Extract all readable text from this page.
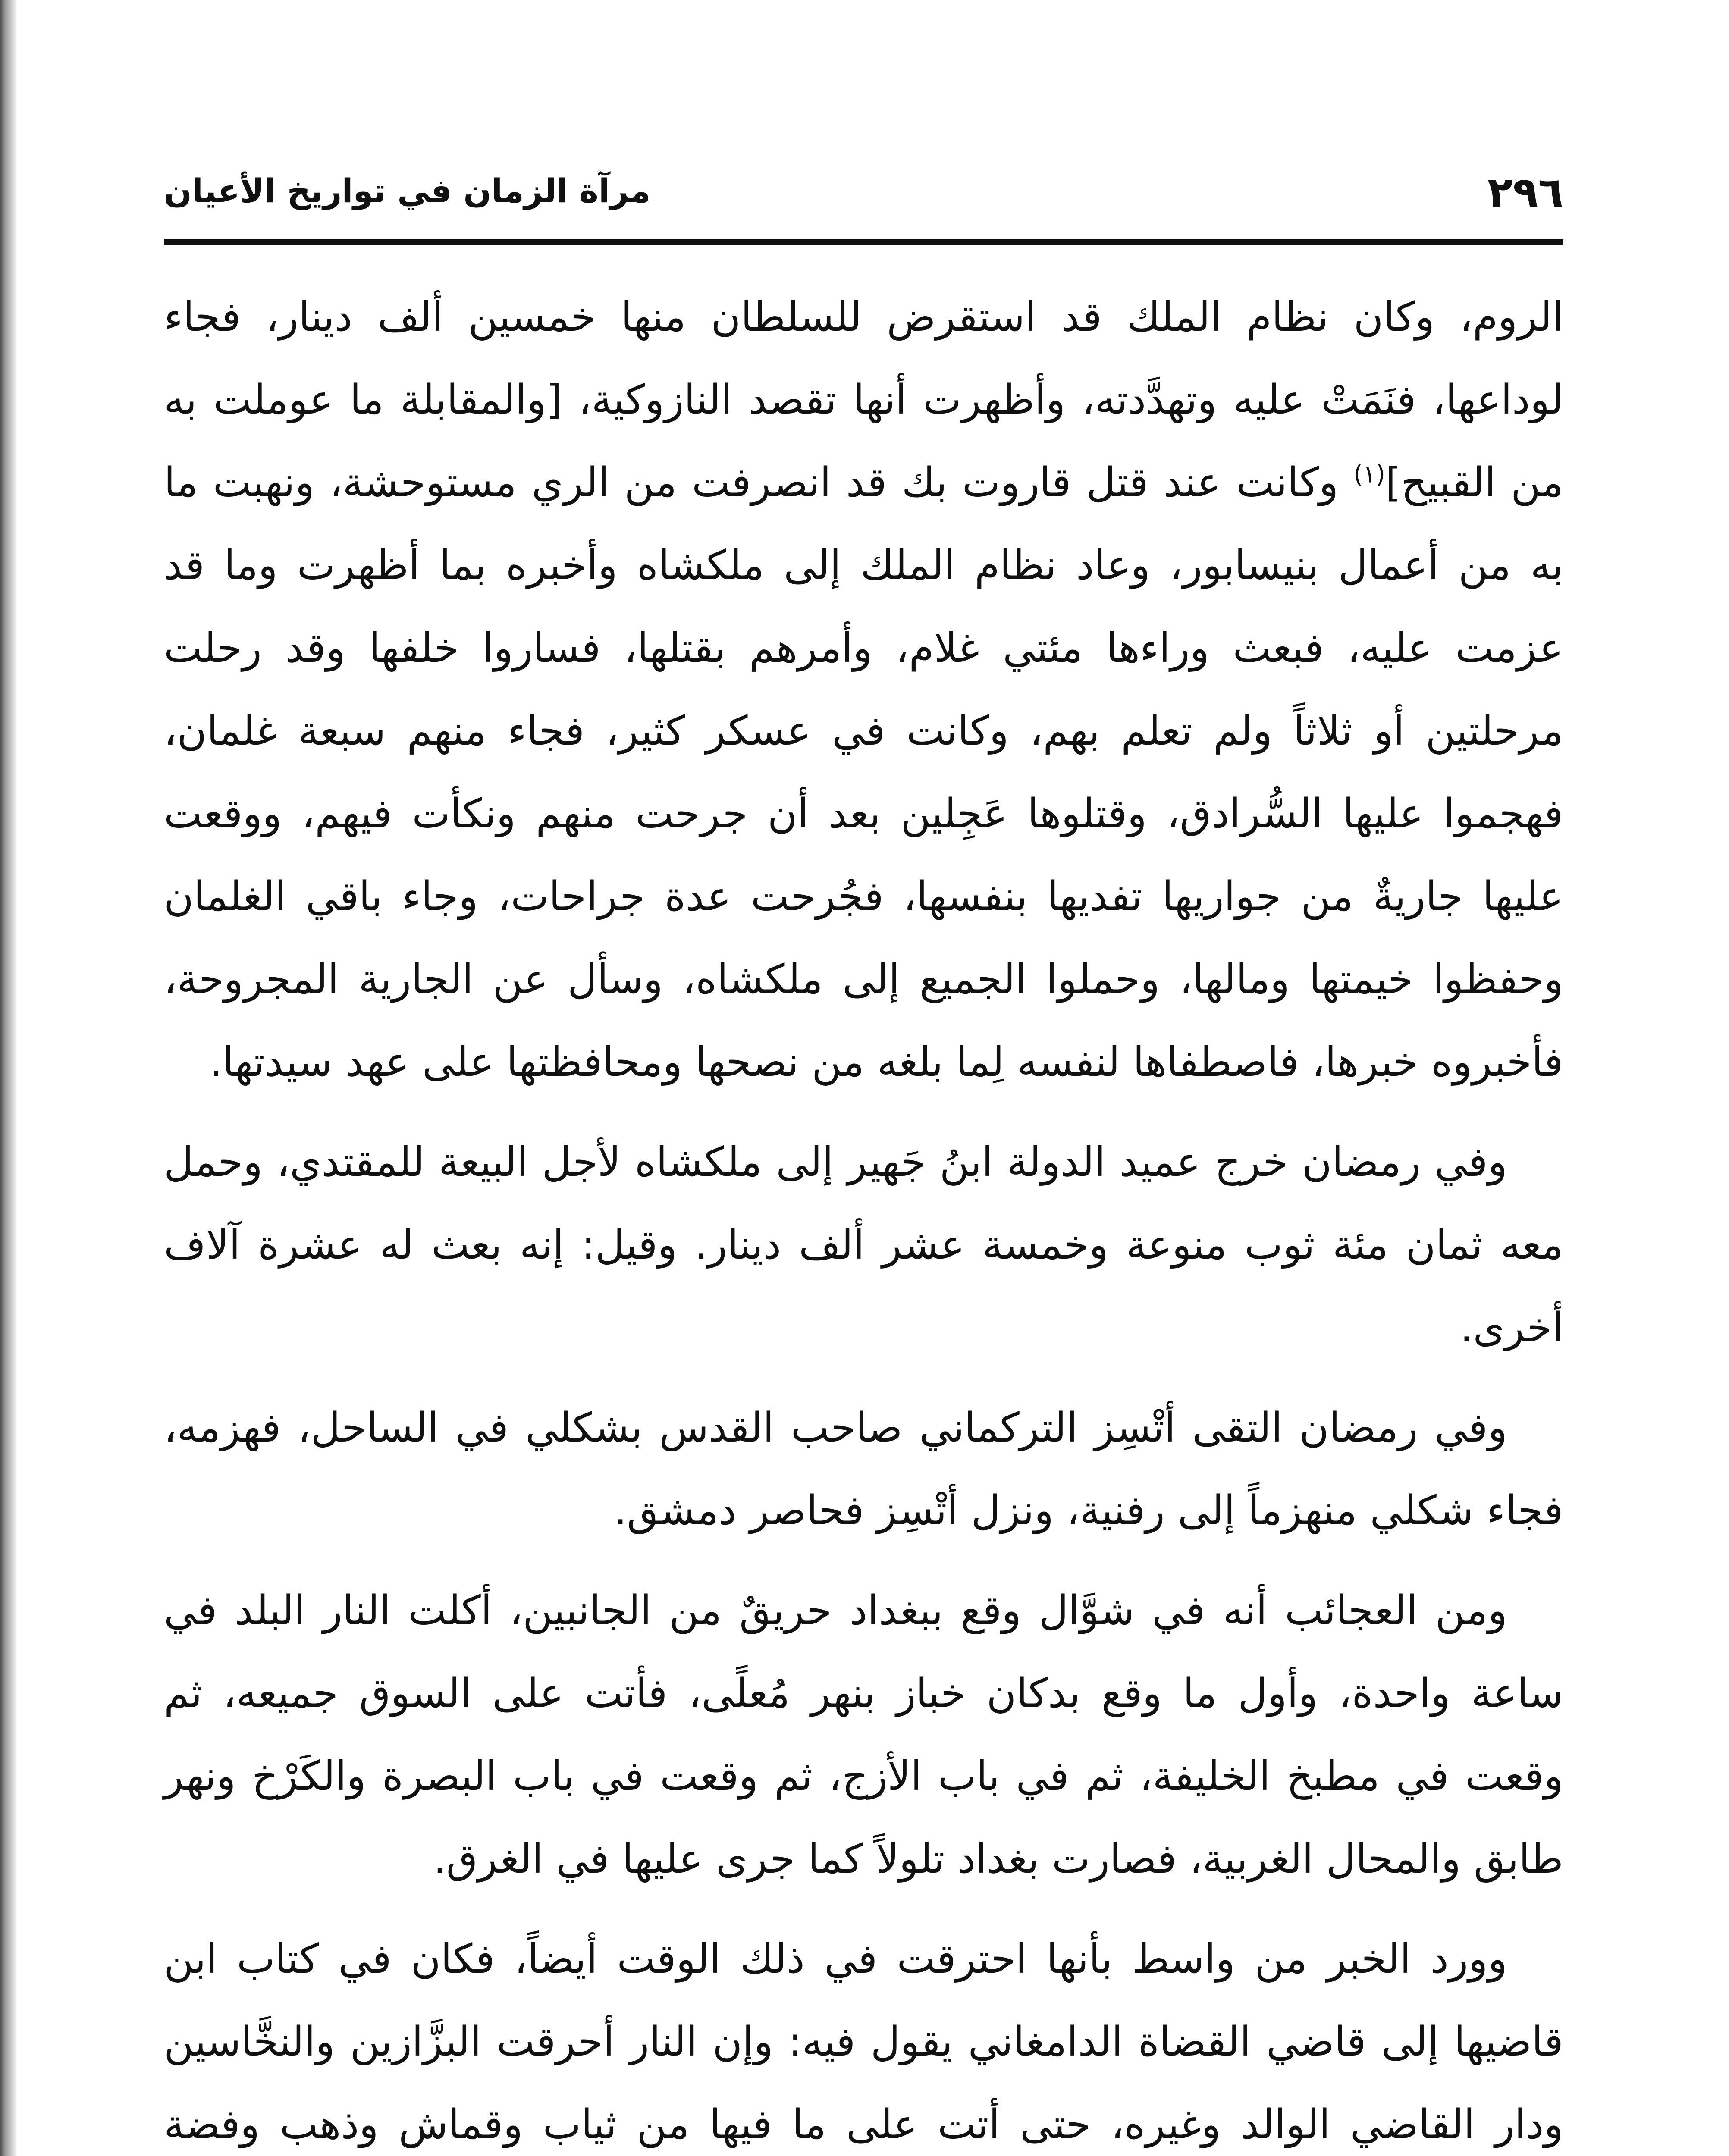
٢٩٦
مرآة الزمان في تواريخ الأعيان

الروم، وكان نظام الملك قد استقرض للسلطان منها خمسين ألف دينار، فجاء لوداعها، فنَمَتْ عليه وتهدَّدته، وأظهرت أنها تقصد النازوكية، [والمقابلة ما عوملت به من القبيح]$^{(١)}$ وكانت عند قتل قاروت بك قد انصرفت من الري مستوحشة، ونهبت ما به من أعمال بنيسابور، وعاد نظام الملك إلى ملكشاه وأخبره بما أظهرت وما قد عزمت عليه، فبعث وراءها مئتي غلام، وأمرهم بقتلها، فساروا خلفها وقد رحلت مرحلتين أو ثلاثاً ولم تعلم بهم، وكانت في عسكر كثير، فجاء منهم سبعة غلمان، فهجموا عليها السُّرادق، وقتلوها عَجِلين بعد أن جرحت منهم ونكأت فيهم، ووقعت عليها جاريةٌ من جواريها تفديها بنفسها، فجُرحت عدة جراحات، وجاء باقي الغلمان وحفظوا خيمتها ومالها، وحملوا الجميع إلى ملكشاه، وسأل عن الجارية المجروحة، فأخبروه خبرها، فاصطفاها لنفسه لِما بلغه من نصحها ومحافظتها على عهد سيدتها.

وفي رمضان خرج عميد الدولة ابنُ جَهير إلى ملكشاه لأجل البيعة للمقتدي، وحمل معه ثمان مئة ثوب منوعة وخمسة عشر ألف دينار. وقيل: إنه بعث له عشرة آلاف أخرى.

وفي رمضان التقى أتْسِز التركماني صاحب القدس بشكلي في الساحل، فهزمه، فجاء شكلي منهزماً إلى رفنية، ونزل أتْسِز فحاصر دمشق.

ومن العجائب أنه في شوَّال وقع ببغداد حريقٌ من الجانبين، أكلت النار البلد في ساعة واحدة، وأول ما وقع بدكان خباز بنهر مُعلًى، فأتت على السوق جميعه، ثم وقعت في مطبخ الخليفة، ثم في باب الأزج، ثم وقعت في باب البصرة والكَرْخ ونهر طابق والمحال الغربية، فصارت بغداد تلولاً كما جرى عليها في الغرق.

وورد الخبر من واسط بأنها احترقت في ذلك الوقت أيضاً، فكان في كتاب ابن قاضيها إلى قاضي القضاة الدامغاني يقول فيه: وإن النار أحرقت البزَّازين والنخَّاسين ودار القاضي الوالد وغيره، حتى أتت على ما فيها من ثياب وقماش وذهب وفضة
